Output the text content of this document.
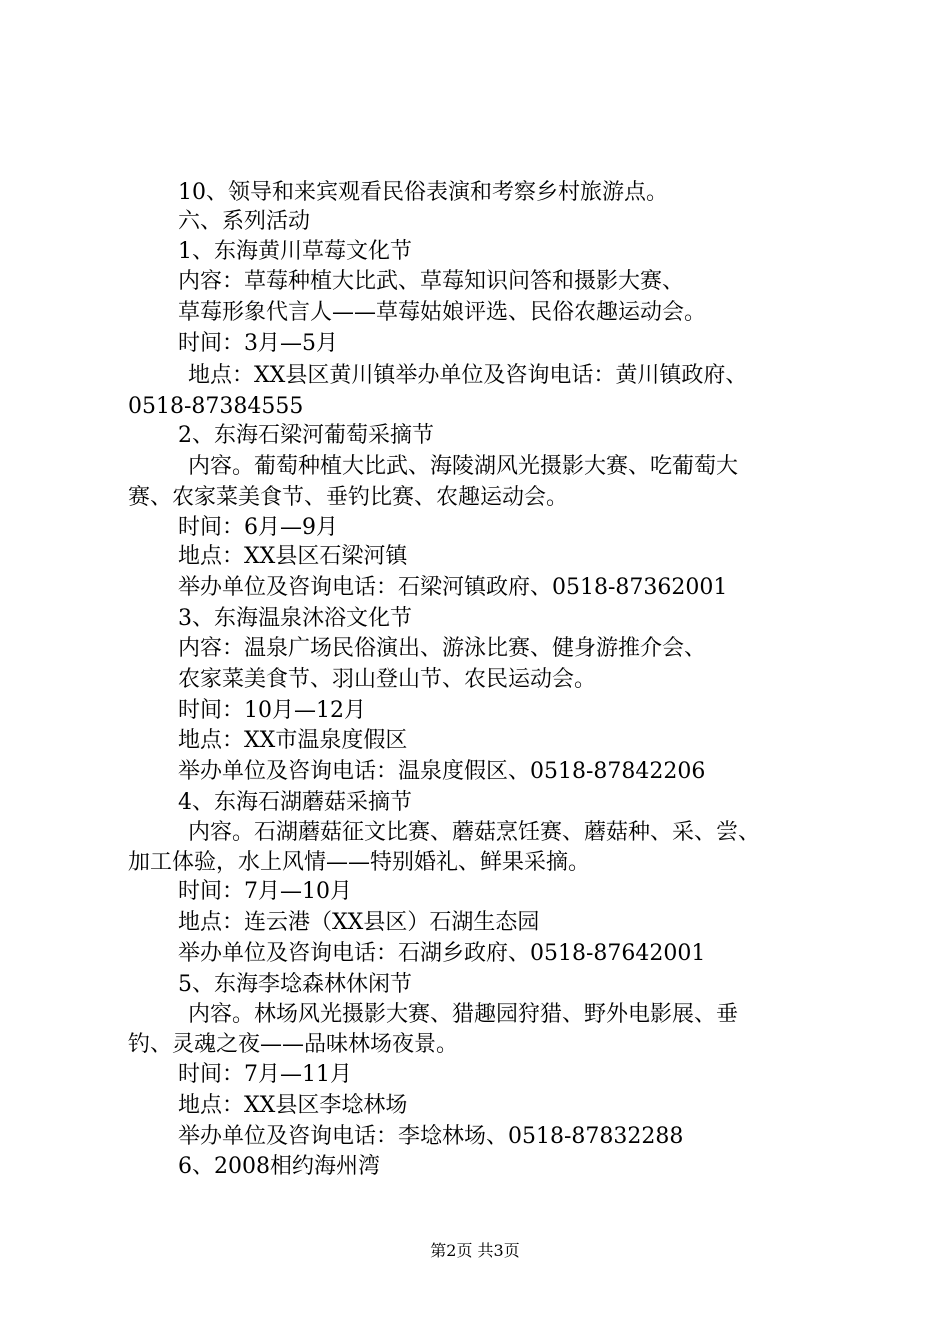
10、领导和来宾观看民俗表演和考察乡村旅游点。
六、系列活动
1、东海黄川草莓文化节
内容：草莓种植大比武、草莓知识问答和摄影大赛、
草莓形象代言人——草莓姑娘评选、民俗农趣运动会。
时间：3月—5月
地点：XX县区黄川镇举办单位及咨询电话：黄川镇政府、
0518-87384555
2、东海石梁河葡萄采摘节
内容。葡萄种植大比武、海陵湖风光摄影大赛、吃葡萄大
赛、农家菜美食节、垂钓比赛、农趣运动会。
时间：6月—9月
地点：XX县区石梁河镇
举办单位及咨询电话：石梁河镇政府、0518-87362001
3、东海温泉沐浴文化节
内容：温泉广场民俗演出、游泳比赛、健身游推介会、
农家菜美食节、羽山登山节、农民运动会。
时间：10月—12月
地点：XX市温泉度假区
举办单位及咨询电话：温泉度假区、0518-87842206
4、东海石湖蘑菇采摘节
内容。石湖蘑菇征文比赛、蘑菇烹饪赛、蘑菇种、采、尝、
加工体验，水上风情——特别婚礼、鲜果采摘。
时间：7月—10月
地点：连云港（XX县区）石湖生态园
举办单位及咨询电话：石湖乡政府、0518-87642001
5、东海李埝森林休闲节
内容。林场风光摄影大赛、猎趣园狩猎、野外电影展、垂
钓、灵魂之夜——品味林场夜景。
时间：7月—11月
地点：XX县区李埝林场
举办单位及咨询电话：李埝林场、0518-87832288
6、2008相约海州湾
第2页 共3页
